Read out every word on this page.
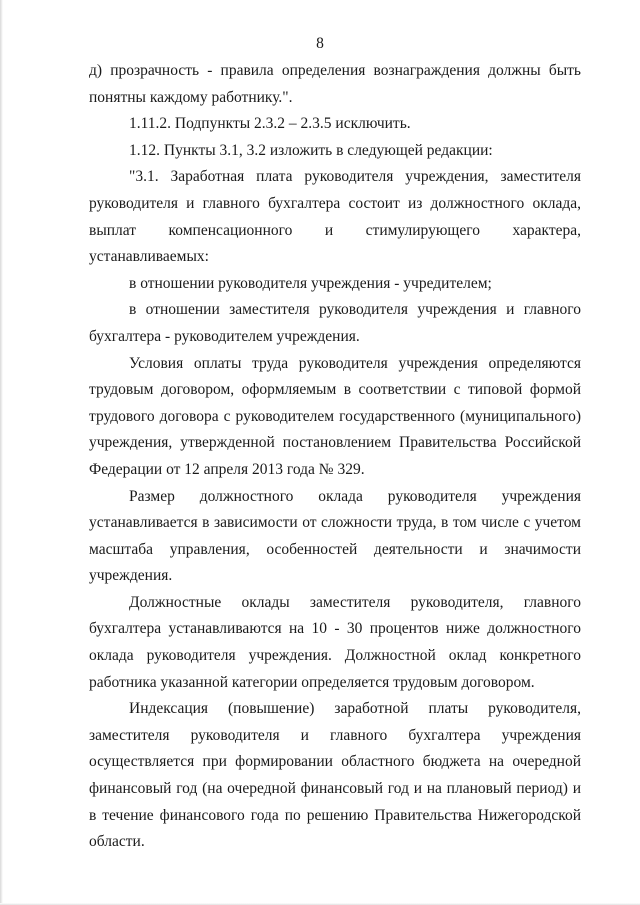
8

д) прозрачность - правила определения вознаграждения должны быть понятны каждому работнику.".

1.11.2. Подпункты 2.3.2 – 2.3.5 исключить.

1.12. Пункты 3.1, 3.2 изложить в следующей редакции:

"3.1. Заработная плата руководителя учреждения, заместителя руководителя и главного бухгалтера состоит из должностного оклада, выплат компенсационного и стимулирующего характера, устанавливаемых:

в отношении руководителя учреждения - учредителем;

в отношении заместителя руководителя учреждения и главного бухгалтера - руководителем учреждения.

Условия оплаты труда руководителя учреждения определяются трудовым договором, оформляемым в соответствии с типовой формой трудового договора с руководителем государственного (муниципального) учреждения, утвержденной постановлением Правительства Российской Федерации от 12 апреля 2013 года № 329.

Размер должностного оклада руководителя учреждения устанавливается в зависимости от сложности труда, в том числе с учетом масштаба управления, особенностей деятельности и значимости учреждения.

Должностные оклады заместителя руководителя, главного бухгалтера устанавливаются на 10 - 30 процентов ниже должностного оклада руководителя учреждения. Должностной оклад конкретного работника указанной категории определяется трудовым договором.

Индексация (повышение) заработной платы руководителя, заместителя руководителя и главного бухгалтера учреждения осуществляется при формировании областного бюджета на очередной финансовый год (на очередной финансовый год и на плановый период) и в течение финансового года по решению Правительства Нижегородской области.
